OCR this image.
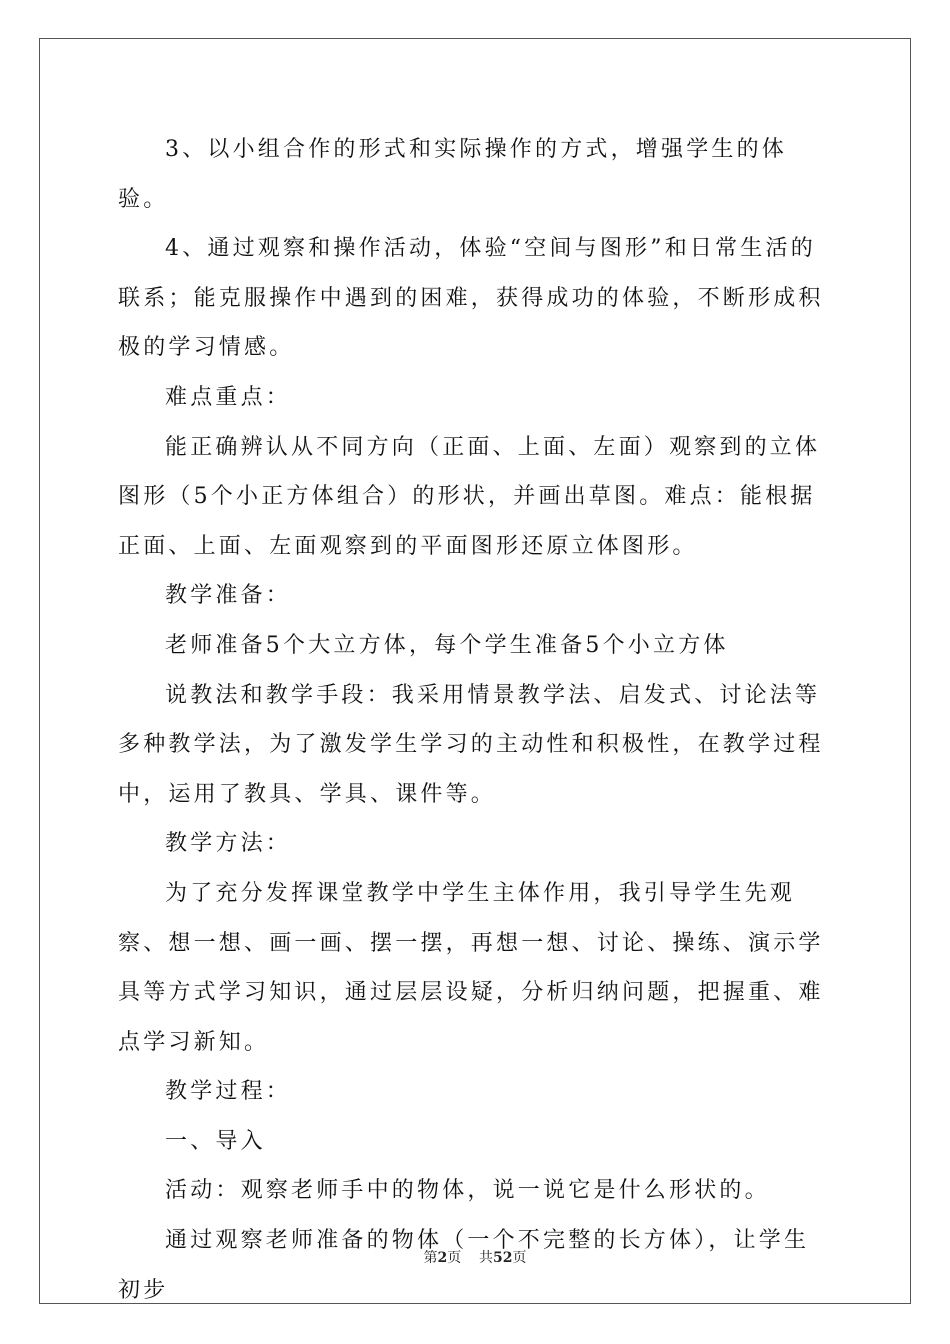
3、以小组合作的形式和实际操作的方式，增强学生的体验。

4、通过观察和操作活动，体验“空间与图形”和日常生活的联系；能克服操作中遇到的困难，获得成功的体验，不断形成积极的学习情感。

难点重点：

能正确辨认从不同方向（正面、上面、左面）观察到的立体图形（5个小正方体组合）的形状，并画出草图。难点：能根据正面、上面、左面观察到的平面图形还原立体图形。

教学准备：

老师准备5个大立方体，每个学生准备5个小立方体

说教法和教学手段：我采用情景教学法、启发式、讨论法等多种教学法，为了激发学生学习的主动性和积极性，在教学过程中，运用了教具、学具、课件等。

教学方法：

为了充分发挥课堂教学中学生主体作用，我引导学生先观察、想一想、画一画、摆一摆，再想一想、讨论、操练、演示学具等方式学习知识，通过层层设疑，分析归纳问题，把握重、难点学习新知。

教学过程：

一、导入

活动：观察老师手中的物体，说一说它是什么形状的。

通过观察老师准备的物体（一个不完整的长方体），让学生初步

第2页    共52页
